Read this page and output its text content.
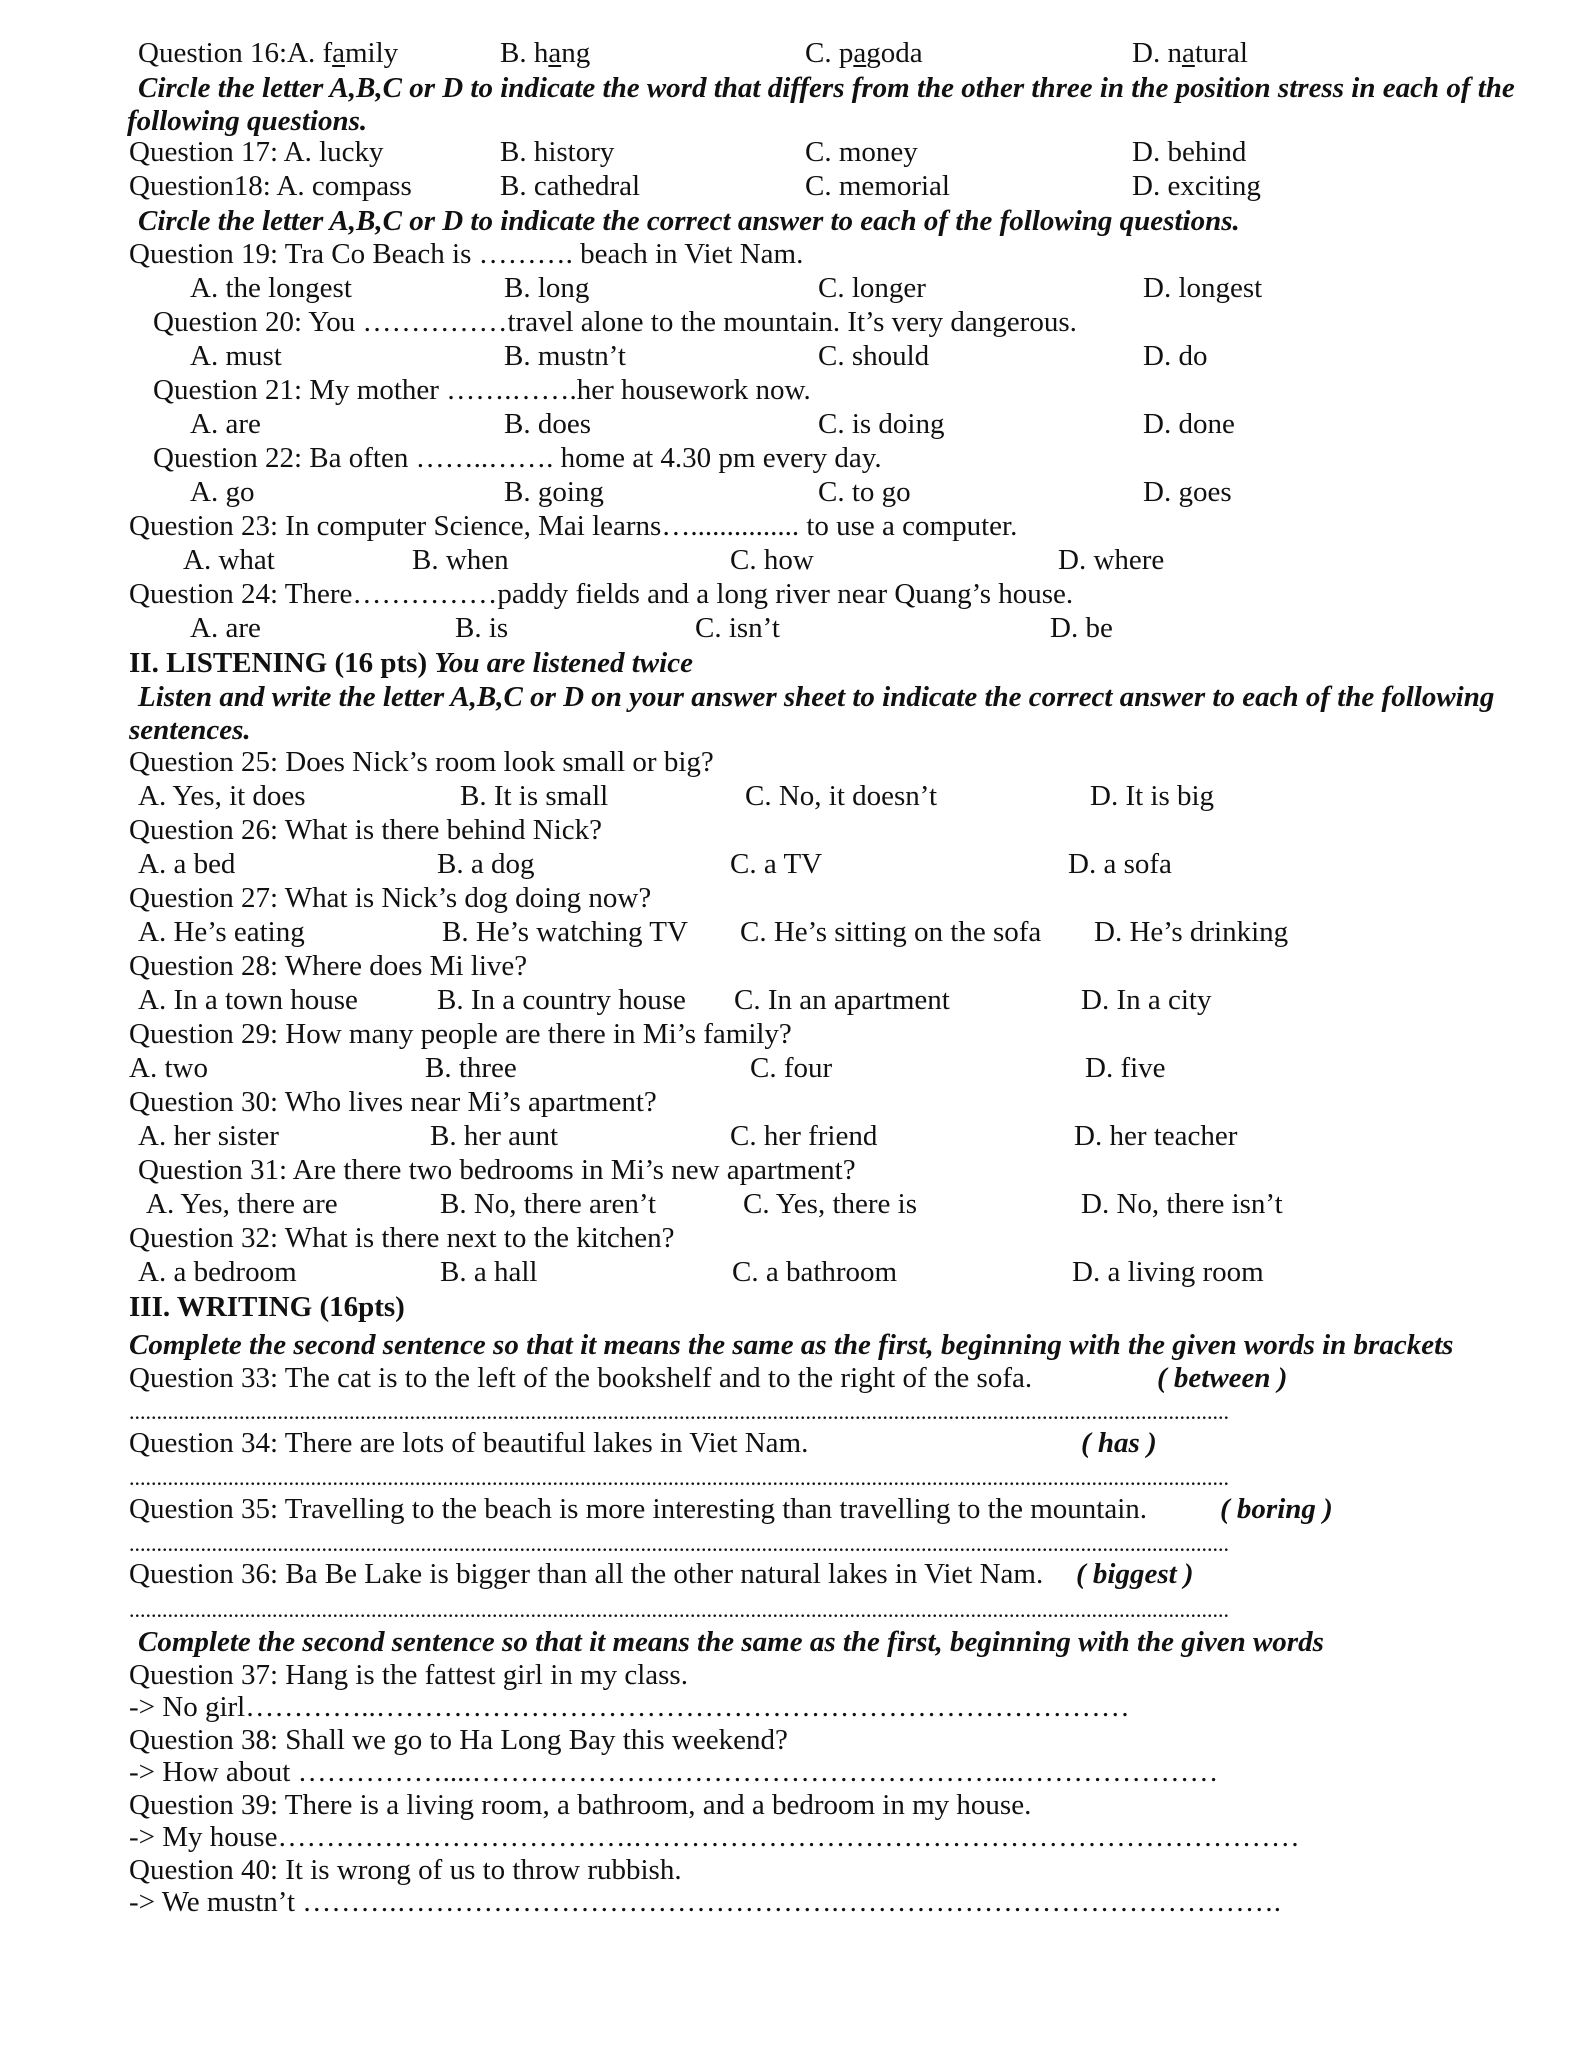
Question 16:A. family	B. hang	C. pagoda	D. natural
Circle the letter A,B,C or D to indicate the word that differs from the other three in the position stress in each of the
following questions.
Question 17: A. lucky	B. history	C. money	D. behind
Question18: A. compass	B. cathedral	C. memorial	D. exciting
Circle the letter A,B,C or D to indicate the correct answer to each of the following questions.
Question 19: Tra Co Beach is ………. beach in Viet Nam.
A. the longest	B. long	C. longer	D. longest
Question 20: You ……………travel alone to the mountain. It’s very dangerous.
A. must	B. mustn’t	C. should	D. do
Question 21: My mother …….…….her housework now.
A. are	B. does	C. is doing	D. done
Question 22: Ba often ……..……. home at 4.30 pm every day.
A. go	B. going	C. to go	D. goes
Question 23: In computer Science, Mai learns…............... to use a computer.
A. what	B. when	C. how	D. where
Question 24: There……………paddy fields and a long river near Quang’s house.
A. are	B. is	C. isn’t	D. be
II. LISTENING (16 pts) You are listened twice
Listen and write the letter A,B,C or D on your answer sheet to indicate the correct answer to each of the following
sentences.
Question 25: Does Nick’s room look small or big?
A. Yes, it does	B. It is small	C. No, it doesn’t	D. It is big
Question 26: What is there behind Nick?
A. a bed	B. a dog	C. a TV	D. a sofa
Question 27: What is Nick’s dog doing now?
A. He’s eating	B. He’s watching TV C. He’s sitting on the sofa D. He’s drinking
Question 28: Where does Mi live?
A. In a town house	B. In a country house C. In an apartment	D. In a city
Question 29: How many people are there in Mi’s family?
A. two	B. three	C. four	D. five
Question 30: Who lives near Mi’s apartment?
A. her sister	B. her aunt	C. her friend	D. her teacher
Question 31: Are there two bedrooms in Mi’s new apartment?
A. Yes, there are	B. No, there aren’t	C. Yes, there is	D. No, there isn’t
Question 32: What is there next to the kitchen?
A. a bedroom	B. a hall	C. a bathroom	D. a living room
III. WRITING (16pts)
Complete the second sentence so that it means the same as the first, beginning with the given words in brackets
Question 33: The cat is to the left of the bookshelf and to the right of the sofa.	( between )
........................................................................................................................................................................................................
Question 34: There are lots of beautiful lakes in Viet Nam.	( has )
........................................................................................................................................................................................................
Question 35: Travelling to the beach is more interesting than travelling to the mountain.	( boring )
........................................................................................................................................................................................................
Question 36: Ba Be Lake is bigger than all the other natural lakes in Viet Nam. ( biggest )
........................................................................................................................................................................................................
Complete the second sentence so that it means the same as the first, beginning with the given words
Question 37: Hang is the fattest girl in my class.
-> No girl…………..……………………………………………………………………
Question 38: Shall we go to Ha Long Bay this weekend?
-> How about ……………....………………………………………………...…………………
Question 39: There is a living room, a bathroom, and a bedroom in my house.
-> My house……………………………….……………………………………………………………
Question 40: It is wrong of us to throw rubbish.
-> We mustn’t ……….……………………………………….……………………………………….
